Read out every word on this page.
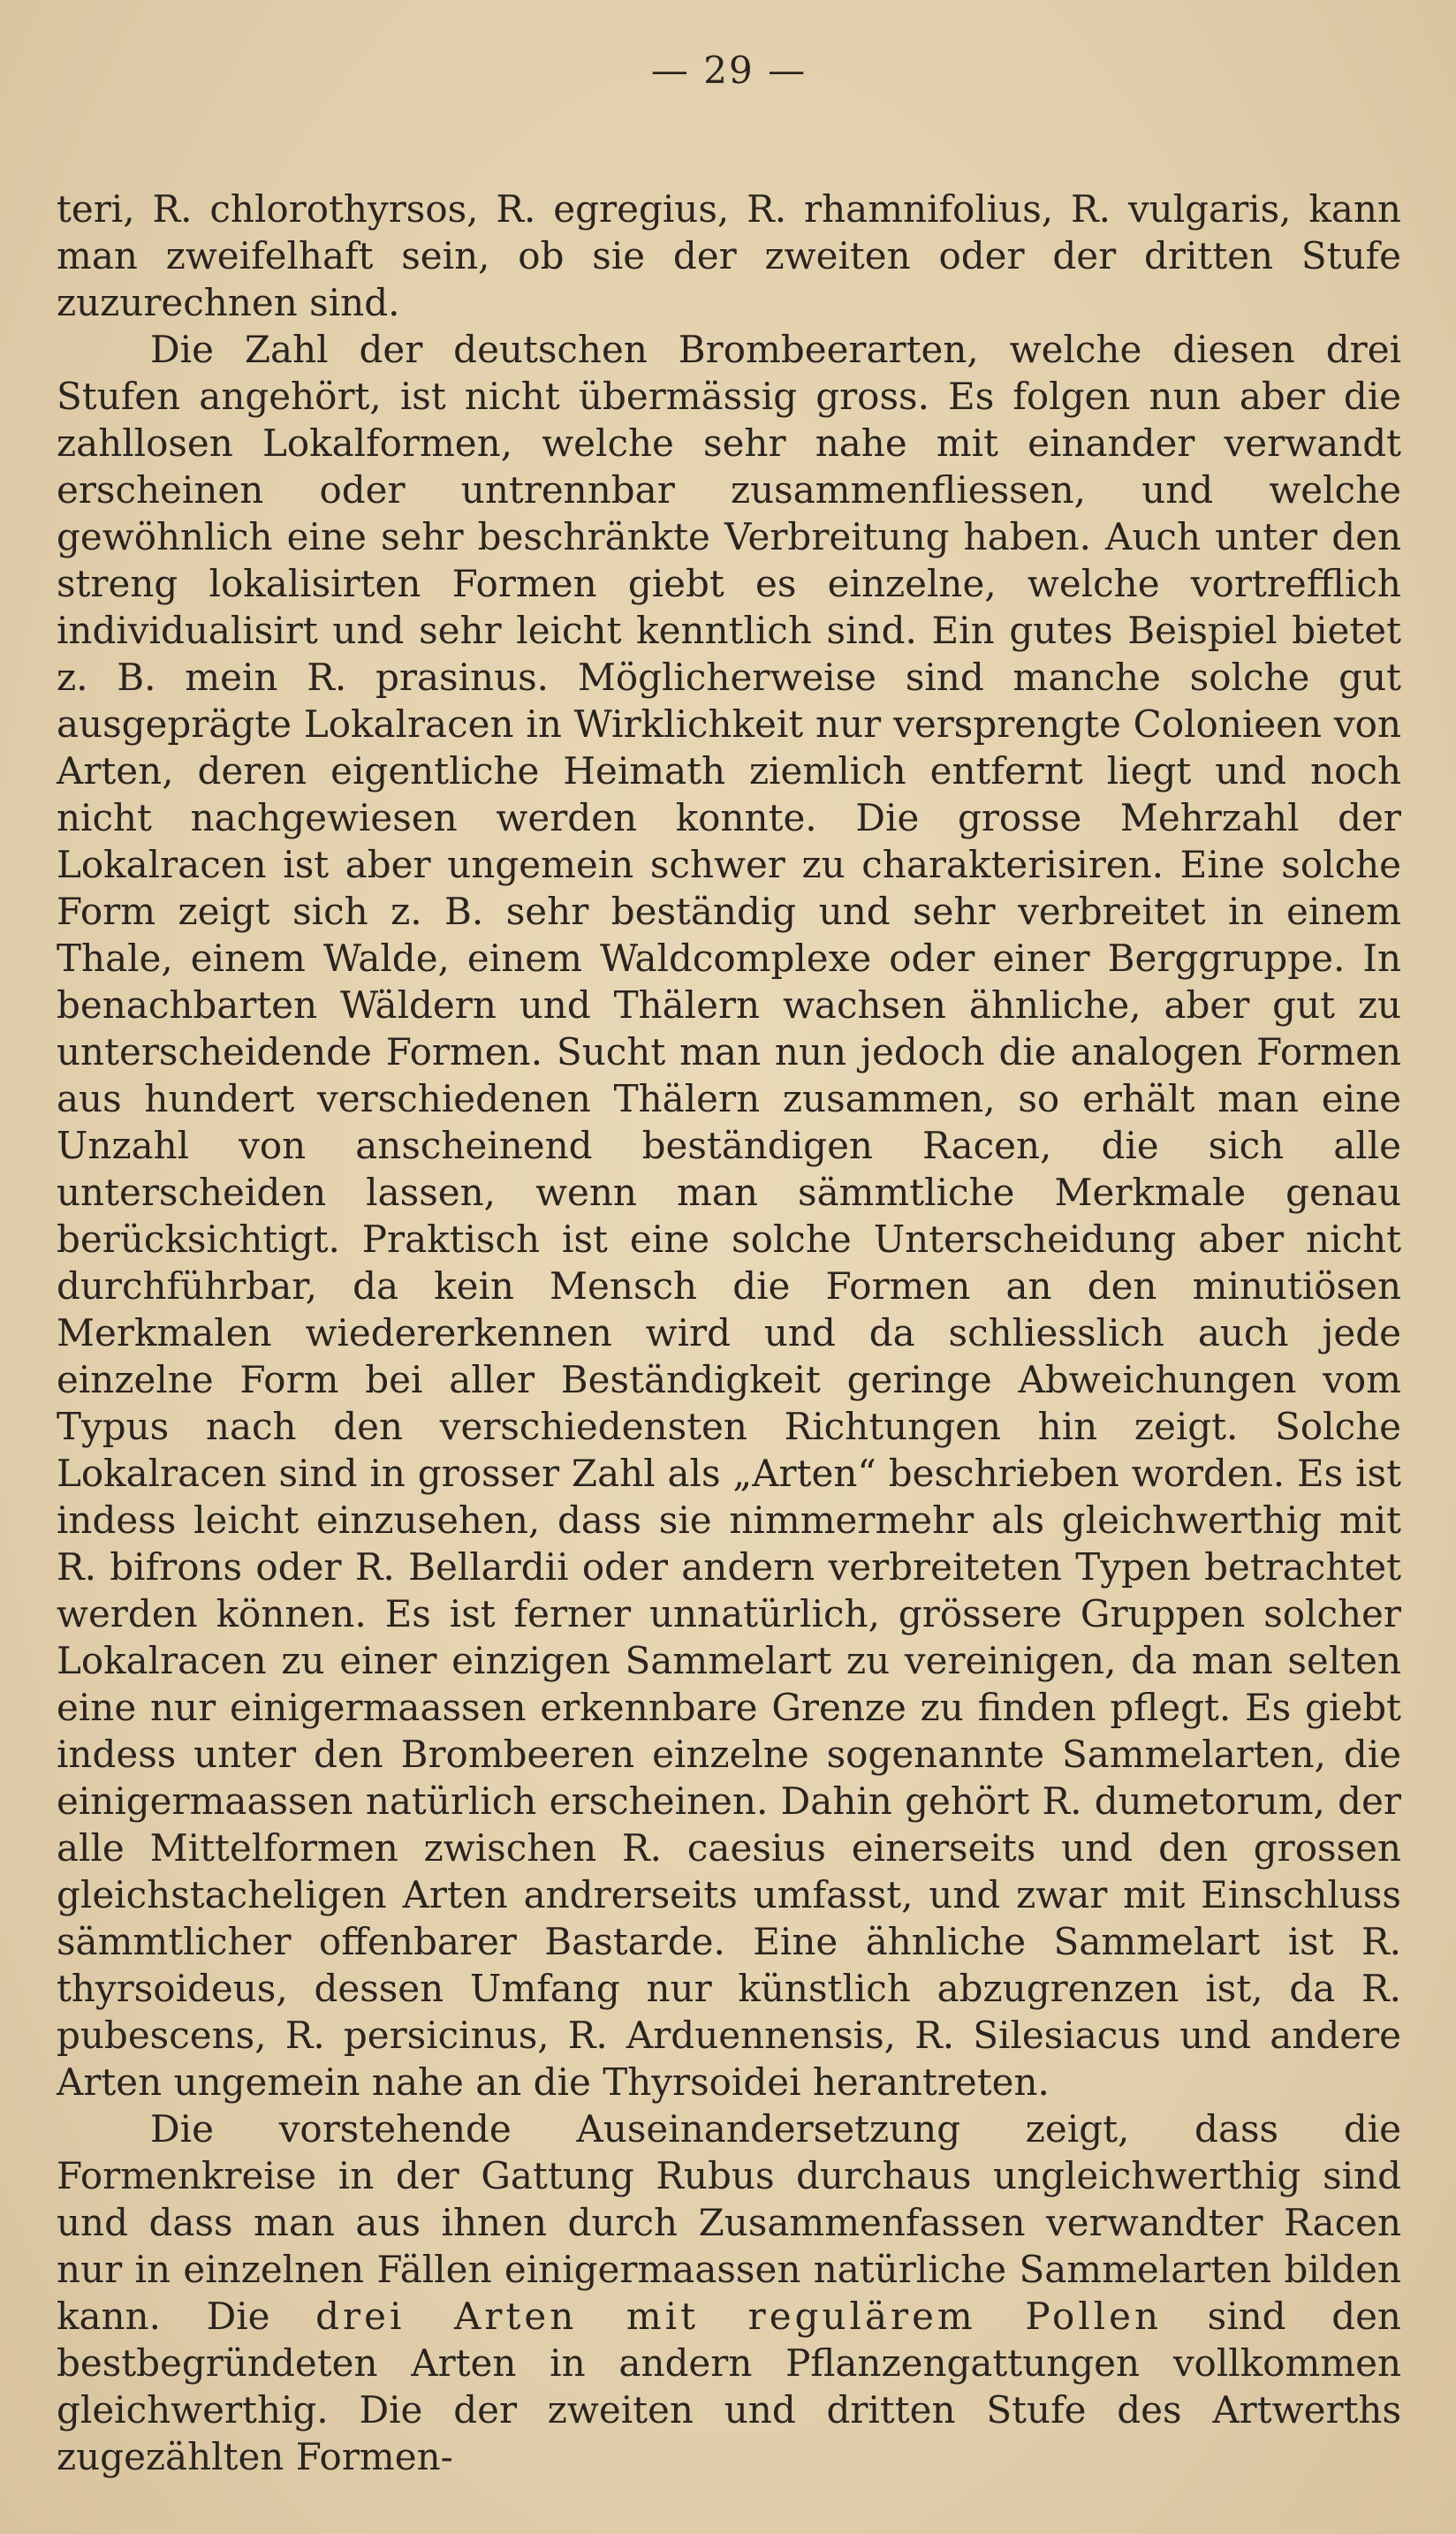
— 29 —

teri, R. chlorothyrsos, R. egregius, R. rhamnifolius, R. vulgaris, kann man zweifelhaft sein, ob sie der zweiten oder der dritten Stufe zuzurechnen sind.

Die Zahl der deutschen Brombeerarten, welche diesen drei Stufen angehört, ist nicht übermässig gross. Es folgen nun aber die zahllosen Lokalformen, welche sehr nahe mit einander verwandt erscheinen oder untrennbar zusammenfliessen, und welche gewöhnlich eine sehr beschränkte Verbreitung haben. Auch unter den streng lokalisirten Formen giebt es einzelne, welche vortrefflich individualisirt und sehr leicht kenntlich sind. Ein gutes Beispiel bietet z. B. mein R. prasinus. Möglicherweise sind manche solche gut ausgeprägte Lokalracen in Wirklichkeit nur versprengte Colonieen von Arten, deren eigentliche Heimath ziemlich entfernt liegt und noch nicht nachgewiesen werden konnte. Die grosse Mehrzahl der Lokalracen ist aber ungemein schwer zu charakterisiren. Eine solche Form zeigt sich z. B. sehr beständig und sehr verbreitet in einem Thale, einem Walde, einem Waldcomplexe oder einer Berggruppe. In benachbarten Wäldern und Thälern wachsen ähnliche, aber gut zu unterscheidende Formen. Sucht man nun jedoch die analogen Formen aus hundert verschiedenen Thälern zusammen, so erhält man eine Unzahl von anscheinend beständigen Racen, die sich alle unterscheiden lassen, wenn man sämmtliche Merkmale genau berücksichtigt. Praktisch ist eine solche Unterscheidung aber nicht durchführbar, da kein Mensch die Formen an den minutiösen Merkmalen wiedererkennen wird und da schliesslich auch jede einzelne Form bei aller Beständigkeit geringe Abweichungen vom Typus nach den verschiedensten Richtungen hin zeigt. Solche Lokalracen sind in grosser Zahl als „Arten“ beschrieben worden. Es ist indess leicht einzusehen, dass sie nimmermehr als gleichwerthig mit R. bifrons oder R. Bellardii oder andern verbreiteten Typen betrachtet werden können. Es ist ferner unnatürlich, grössere Gruppen solcher Lokalracen zu einer einzigen Sammelart zu vereinigen, da man selten eine nur einigermaassen erkennbare Grenze zu finden pflegt. Es giebt indess unter den Brombeeren einzelne sogenannte Sammelarten, die einigermaassen natürlich erscheinen. Dahin gehört R. dumetorum, der alle Mittelformen zwischen R. caesius einerseits und den grossen gleichstacheligen Arten andrerseits umfasst, und zwar mit Einschluss sämmtlicher offenbarer Bastarde. Eine ähnliche Sammelart ist R. thyrsoideus, dessen Umfang nur künstlich abzugrenzen ist, da R. pubescens, R. persicinus, R. Arduennensis, R. Silesiacus und andere Arten ungemein nahe an die Thyrsoidei herantreten.

Die vorstehende Auseinandersetzung zeigt, dass die Formenkreise in der Gattung Rubus durchaus ungleichwerthig sind und dass man aus ihnen durch Zusammenfassen verwandter Racen nur in einzelnen Fällen einigermaassen natürliche Sammelarten bilden kann. Die drei Arten mit regulärem Pollen sind den bestbegründeten Arten in andern Pflanzengattungen vollkommen gleichwerthig. Die der zweiten und dritten Stufe des Artwerths zugezählten Formen-
